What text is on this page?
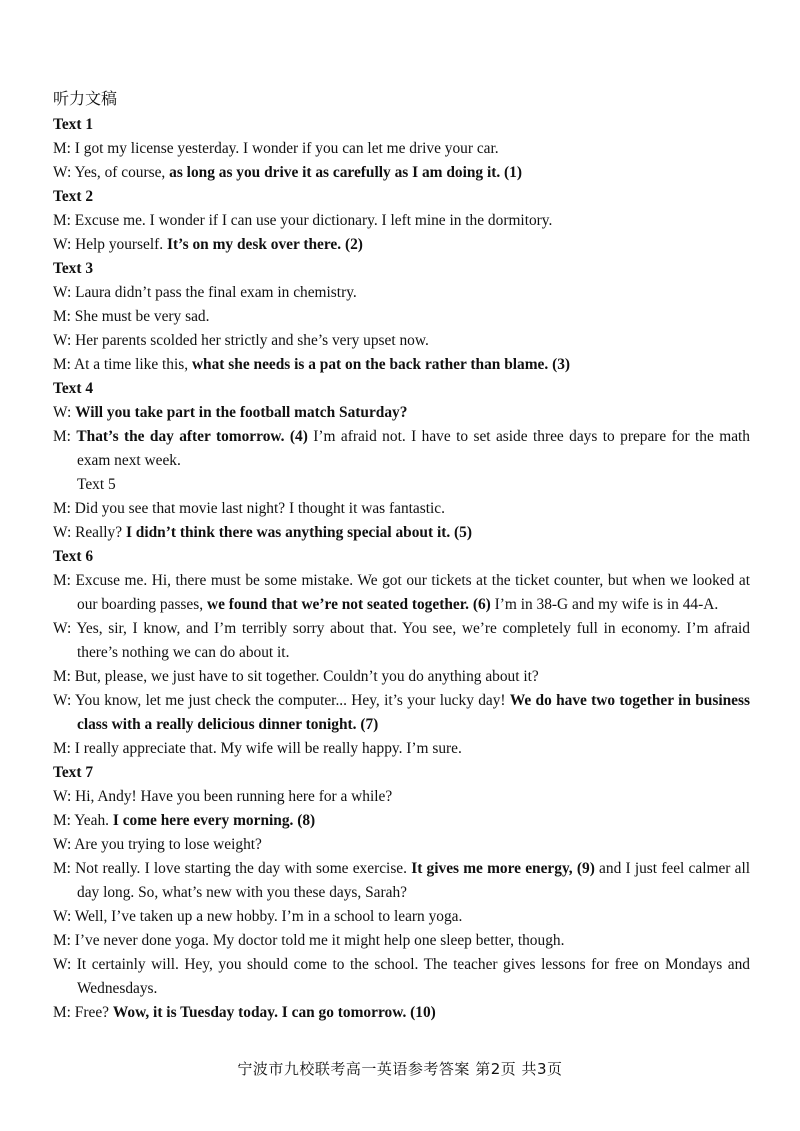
听力文稿
Text 1
M: I got my license yesterday. I wonder if you can let me drive your car.
W: Yes, of course, as long as you drive it as carefully as I am doing it. (1)
Text 2
M: Excuse me. I wonder if I can use your dictionary. I left mine in the dormitory.
W: Help yourself. It’s on my desk over there. (2)
Text 3
W: Laura didn’t pass the final exam in chemistry.
M: She must be very sad.
W: Her parents scolded her strictly and she’s very upset now.
M: At a time like this, what she needs is a pat on the back rather than blame. (3)
Text 4
W: Will you take part in the football match Saturday?
M: That’s the day after tomorrow. (4) I’m afraid not. I have to set aside three days to prepare for the math exam next week.
Text 5
M: Did you see that movie last night? I thought it was fantastic.
W: Really? I didn’t think there was anything special about it. (5)
Text 6
M: Excuse me. Hi, there must be some mistake. We got our tickets at the ticket counter, but when we looked at our boarding passes, we found that we’re not seated together. (6) I’m in 38-G and my wife is in 44-A.
W: Yes, sir, I know, and I’m terribly sorry about that. You see, we’re completely full in economy. I’m afraid there’s nothing we can do about it.
M: But, please, we just have to sit together. Couldn’t you do anything about it?
W: You know, let me just check the computer... Hey, it’s your lucky day! We do have two together in business class with a really delicious dinner tonight. (7)
M: I really appreciate that. My wife will be really happy. I’m sure.
Text 7
W: Hi, Andy! Have you been running here for a while?
M: Yeah. I come here every morning. (8)
W: Are you trying to lose weight?
M: Not really. I love starting the day with some exercise. It gives me more energy, (9) and I just feel calmer all day long. So, what’s new with you these days, Sarah?
W: Well, I’ve taken up a new hobby. I’m in a school to learn yoga.
M: I’ve never done yoga. My doctor told me it might help one sleep better, though.
W: It certainly will. Hey, you should come to the school. The teacher gives lessons for free on Mondays and Wednesdays.
M: Free? Wow, it is Tuesday today. I can go tomorrow. (10)
宁波市九校联考高一英语参考答案 第2页 共3页
